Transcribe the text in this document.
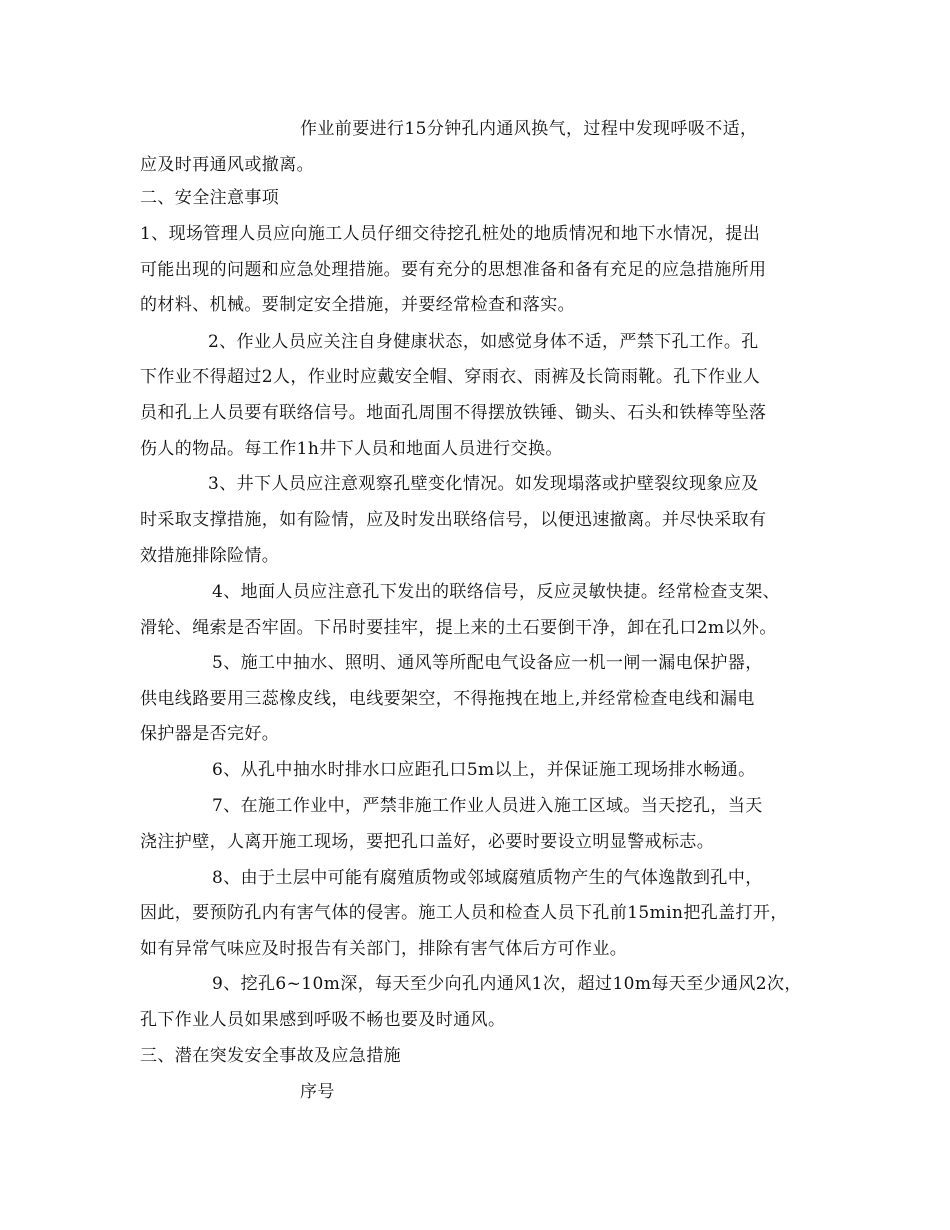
作业前要进行15分钟孔内通风换气，过程中发现呼吸不适，

应及时再通风或撤离。

二、安全注意事项

1、现场管理人员应向施工人员仔细交待挖孔桩处的地质情况和地下水情况，提出

可能出现的问题和应急处理措施。要有充分的思想准备和备有充足的应急措施所用

的材料、机械。要制定安全措施，并要经常检查和落实。

2、作业人员应关注自身健康状态，如感觉身体不适，严禁下孔工作。孔

下作业不得超过2人，作业时应戴安全帽、穿雨衣、雨裤及长筒雨靴。孔下作业人

员和孔上人员要有联络信号。地面孔周围不得摆放铁锤、锄头、石头和铁棒等坠落

伤人的物品。每工作1h井下人员和地面人员进行交换。

3、井下人员应注意观察孔壁变化情况。如发现塌落或护壁裂纹现象应及

时采取支撑措施，如有险情，应及时发出联络信号，以便迅速撤离。并尽快采取有

效措施排除险情。

4、地面人员应注意孔下发出的联络信号，反应灵敏快捷。经常检查支架、

滑轮、绳索是否牢固。下吊时要挂牢，提上来的土石要倒干净，卸在孔口2m以外。

5、施工中抽水、照明、通风等所配电气设备应一机一闸一漏电保护器，

供电线路要用三蕊橡皮线，电线要架空，不得拖拽在地上,并经常检查电线和漏电

保护器是否完好。

6、从孔中抽水时排水口应距孔口5m以上，并保证施工现场排水畅通。

7、在施工作业中，严禁非施工作业人员进入施工区域。当天挖孔，当天

浇注护壁，人离开施工现场，要把孔口盖好，必要时要设立明显警戒标志。

8、由于土层中可能有腐殖质物或邻域腐殖质物产生的气体逸散到孔中，

因此，要预防孔内有害气体的侵害。施工人员和检查人员下孔前15min把孔盖打开，

如有异常气味应及时报告有关部门，排除有害气体后方可作业。

9、挖孔6~10m深，每天至少向孔内通风1次，超过10m每天至少通风2次，

孔下作业人员如果感到呼吸不畅也要及时通风。

三、潜在突发安全事故及应急措施

序号
